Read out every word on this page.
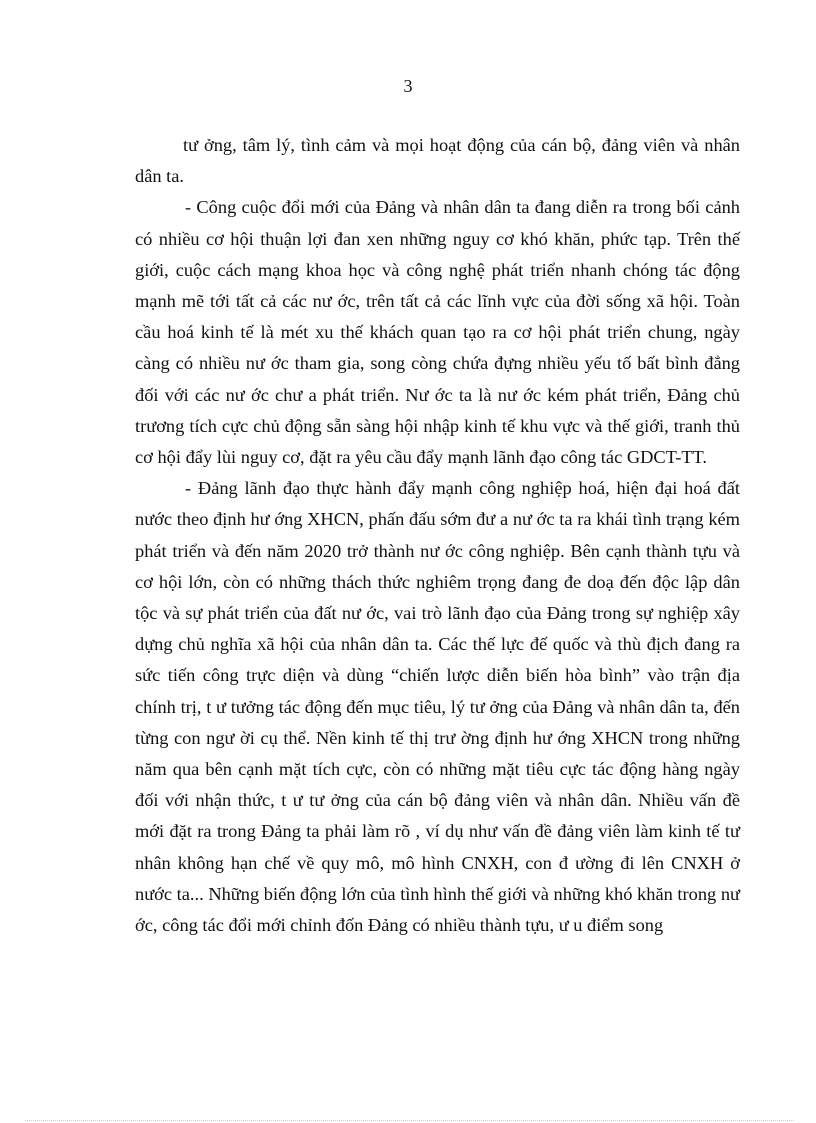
3

tư ởng, tâm lý, tình cảm và mọi hoạt động của cán bộ, đảng viên và nhân dân ta.

- Công cuộc đổi mới của Đảng và nhân dân ta đang diễn ra trong bối cảnh có nhiều cơ hội thuận lợi đan xen những nguy cơ khó khăn, phức tạp. Trên thế giới, cuộc cách mạng khoa học và công nghệ phát triển nhanh chóng tác động mạnh mẽ tới tất cả các nư ớc, trên tất cả các lĩnh vực của đời sống xã hội. Toàn cầu hoá kinh tế là mét xu thế khách quan tạo ra cơ hội phát triển chung, ngày càng có nhiều nư ớc tham gia, song còng chứa đựng nhiều yếu tố bất bình đẳng đối với các nư ớc chư a phát triển. Nư ớc ta là nư ớc kém phát triển, Đảng chủ trương tích cực chủ động sẵn sàng hội nhập kinh tế khu vực và thế giới, tranh thủ cơ hội đẩy lùi nguy cơ, đặt ra yêu cầu đẩy mạnh lãnh đạo công tác GDCT-TT.

- Đảng lãnh đạo thực hành đẩy mạnh công nghiệp hoá, hiện đại hoá đất nước theo định hư ớng XHCN, phấn đấu sớm đư a nư ớc ta ra khái tình trạng kém phát triển và đến năm 2020 trở thành nư ớc công nghiệp. Bên cạnh thành tựu và cơ hội lớn, còn có những thách thức nghiêm trọng đang đe doạ đến độc lập dân tộc và sự phát triển của đất nư ớc, vai trò lãnh đạo của Đảng trong sự nghiệp xây dựng chủ nghĩa xã hội của nhân dân ta. Các thế lực đế quốc và thù địch đang ra sức tiến công trực diện và dùng “chiến lược diễn biến hòa bình” vào trận địa chính trị, t ư tưởng tác động đến mục tiêu, lý tư ởng của Đảng và nhân dân ta, đến từng con ngư ời cụ thể. Nền kinh tế thị trư ờng định hư ớng XHCN trong những năm qua bên cạnh mặt tích cực, còn có những mặt tiêu cực tác động hàng ngày đối với nhận thức, t ư tư ởng của cán bộ đảng viên và nhân dân. Nhiều vấn đề mới đặt ra trong Đảng ta phải làm rõ , ví dụ như vấn đề đảng viên làm kinh tế tư nhân không hạn chế về quy mô, mô hình CNXH, con đ ường đi lên CNXH ở nước ta... Những biến động lớn của tình hình thế giới và những khó khăn trong nư ớc, công tác đổi mới chỉnh đốn Đảng có nhiều thành tựu, ư u điểm song
